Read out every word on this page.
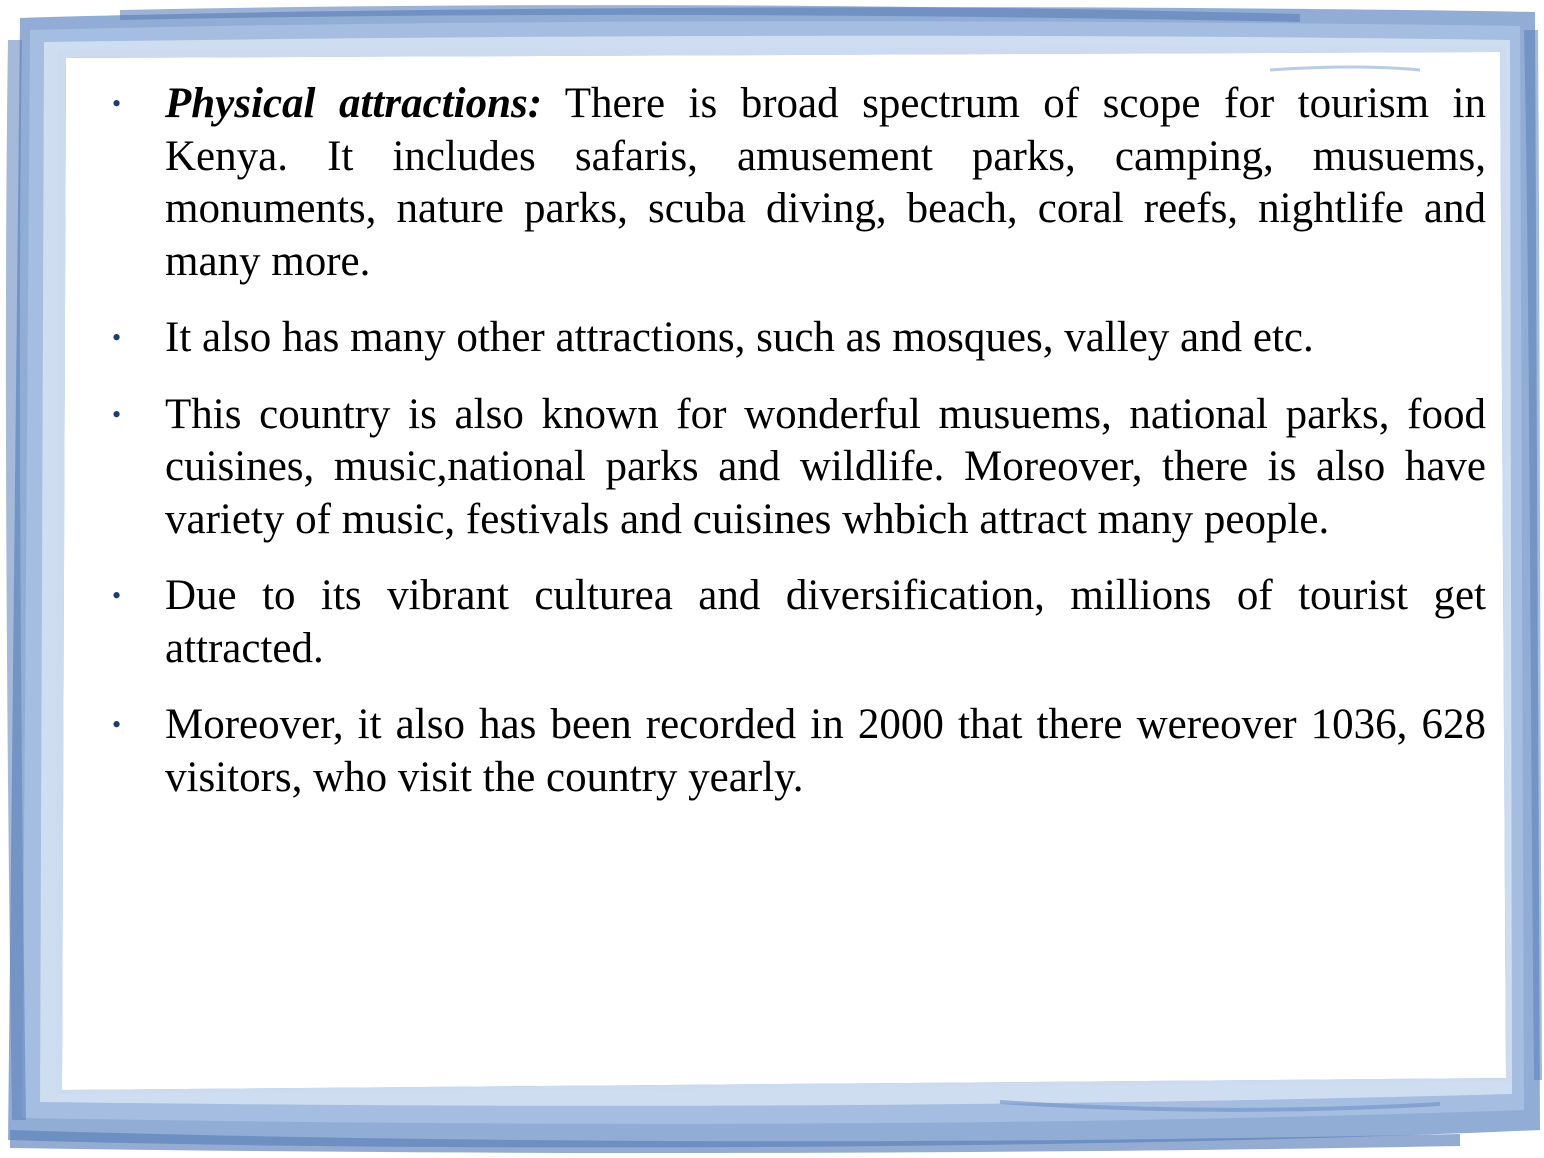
• Physical attractions: There is broad spectrum of scope for tourism in Kenya. It includes safaris, amusement parks, camping, musuems, monuments, nature parks, scuba diving, beach, coral reefs, nightlife and many more.
• It also has many other attractions, such as mosques, valley and etc.
• This country is also known for wonderful musuems, national parks, food cuisines, music,national parks and wildlife. Moreover, there is also have variety of music, festivals and cuisines whbich attract many people.
• Due to its vibrant culturea and diversification, millions of tourist get attracted.
• Moreover, it also has been recorded in 2000 that there wereover 1036, 628 visitors, who visit the country yearly.
